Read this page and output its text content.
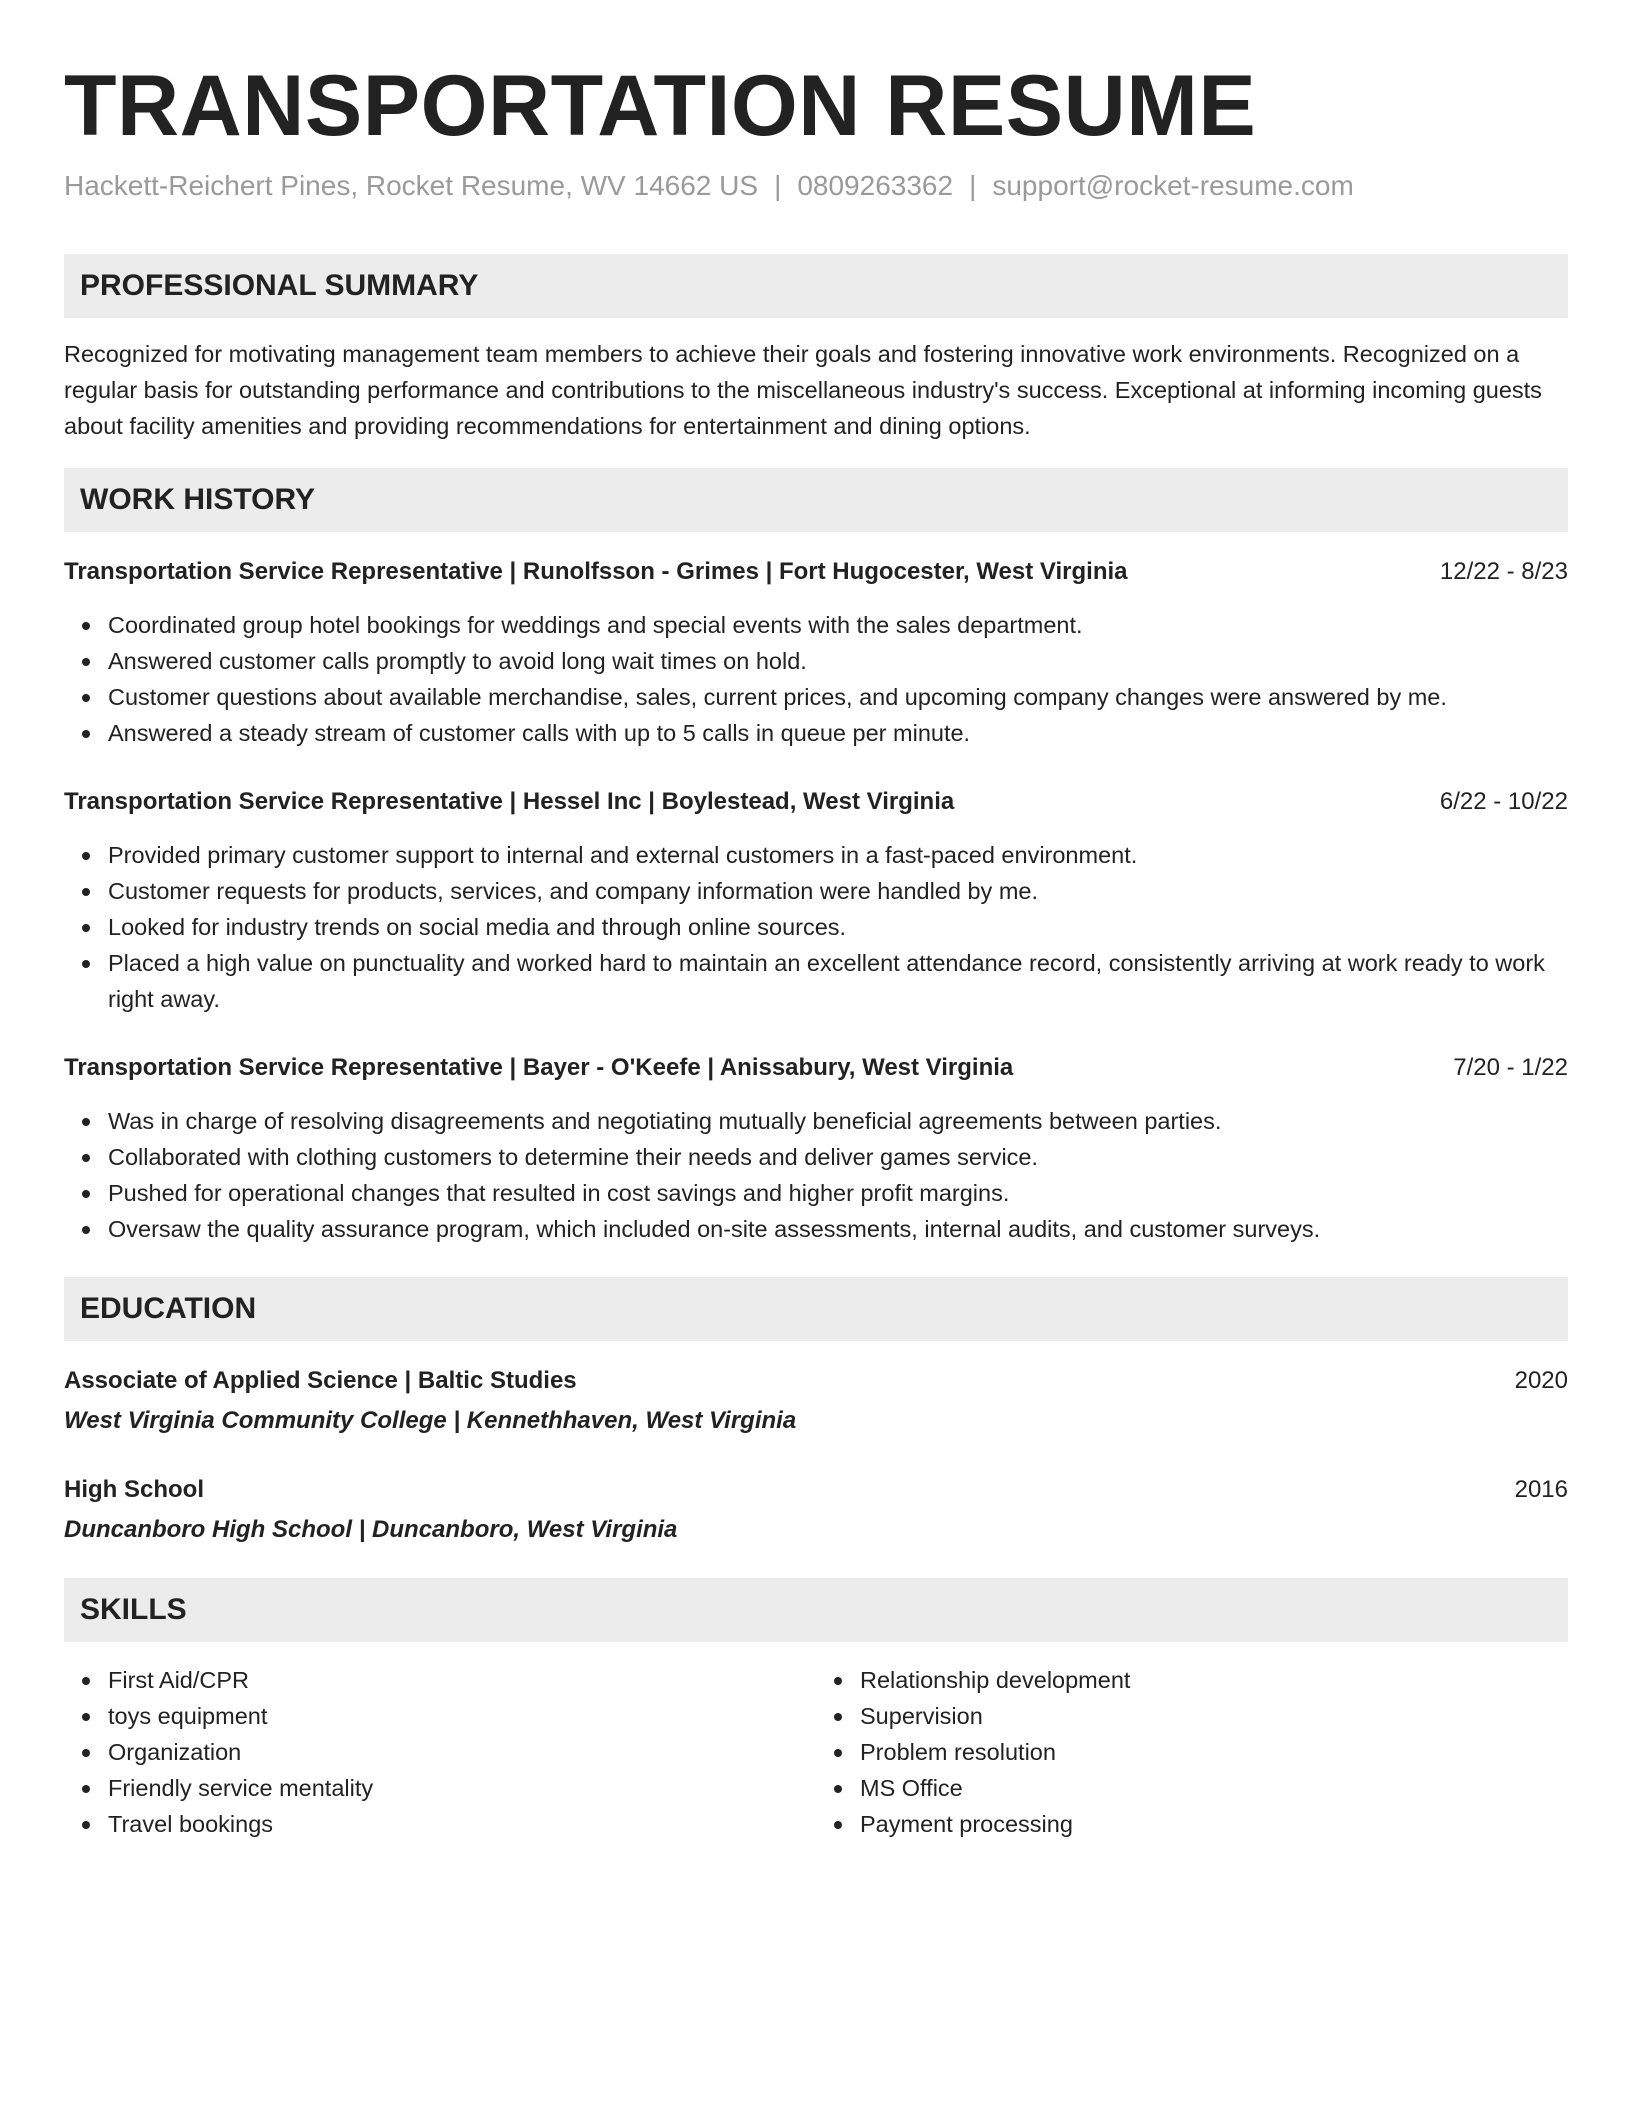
TRANSPORTATION RESUME
Hackett-Reichert Pines, Rocket Resume, WV 14662 US | 0809263362 | support@rocket-resume.com
PROFESSIONAL SUMMARY

Recognized for motivating management team members to achieve their goals and fostering innovative work environments. Recognized on a regular basis for outstanding performance and contributions to the miscellaneous industry's success. Exceptional at informing incoming guests about facility amenities and providing recommendations for entertainment and dining options.

WORK HISTORY
Transportation Service Representative | Runolfsson - Grimes | Fort Hugocester, West Virginia	12/22 - 8/23
Coordinated group hotel bookings for weddings and special events with the sales department.
Answered customer calls promptly to avoid long wait times on hold.
Customer questions about available merchandise, sales, current prices, and upcoming company changes were answered by me.
Answered a steady stream of customer calls with up to 5 calls in queue per minute.
Transportation Service Representative | Hessel Inc | Boylestead, West Virginia	6/22 - 10/22
Provided primary customer support to internal and external customers in a fast-paced environment.
Customer requests for products, services, and company information were handled by me.
Looked for industry trends on social media and through online sources.
Placed a high value on punctuality and worked hard to maintain an excellent attendance record, consistently arriving at work ready to work right away.
Transportation Service Representative | Bayer - O'Keefe | Anissabury, West Virginia	7/20 - 1/22
Was in charge of resolving disagreements and negotiating mutually beneficial agreements between parties.
Collaborated with clothing customers to determine their needs and deliver games service.
Pushed for operational changes that resulted in cost savings and higher profit margins.
Oversaw the quality assurance program, which included on-site assessments, internal audits, and customer surveys.
EDUCATION
Associate of Applied Science | Baltic Studies	2020
West Virginia Community College | Kennethhaven, West Virginia
High School	2016
Duncanboro High School | Duncanboro, West Virginia
SKILLS
First Aid/CPR
toys equipment
Organization
Friendly service mentality
Travel bookings
Relationship development
Supervision
Problem resolution
MS Office
Payment processing
